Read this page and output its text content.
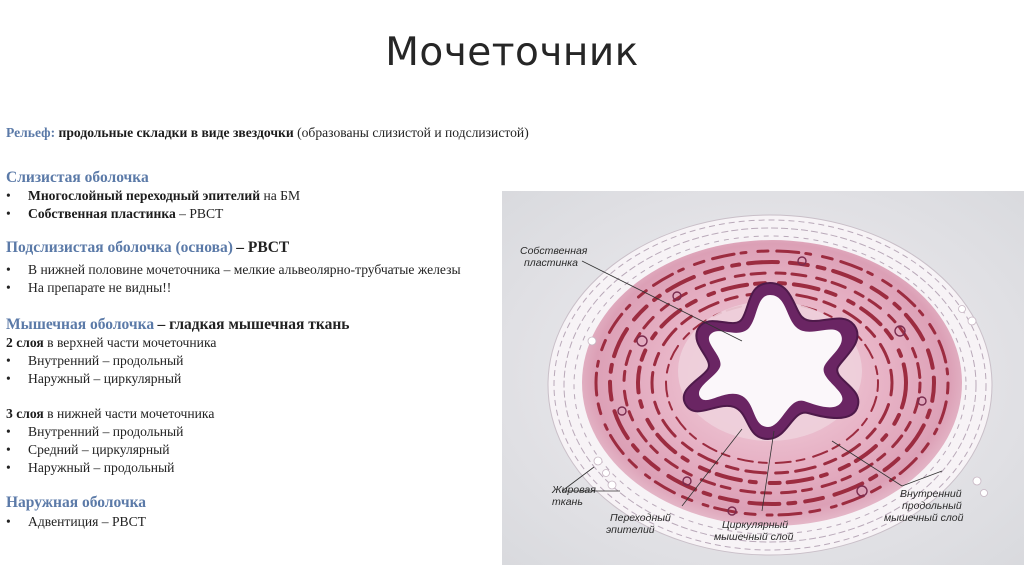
Мочеточник
Рельеф: продольные складки в виде звездочки (образованы слизистой и подслизистой)
Слизистая оболочка
• Многослойный переходный эпителий на БМ
• Собственная пластинка – РВСТ
Подслизистая оболочка (основа) – РВСТ
• В нижней половине мочеточника – мелкие альвеолярно-трубчатые железы
• На препарате не видны!!
Мышечная оболочка – гладкая мышечная ткань
2 слоя в верхней части мочеточника
• Внутренний – продольный
• Наружный – циркулярный
3 слоя в нижней части мочеточника
• Внутренний – продольный
• Средний – циркулярный
• Наружный – продольный
Наружная оболочка
• Адвентиция – РВСТ
Собственная пластинка
Жировая ткань
Переходный эпителий	Циркулярный мышечный слой
Внутренний продольный мышечный слой
